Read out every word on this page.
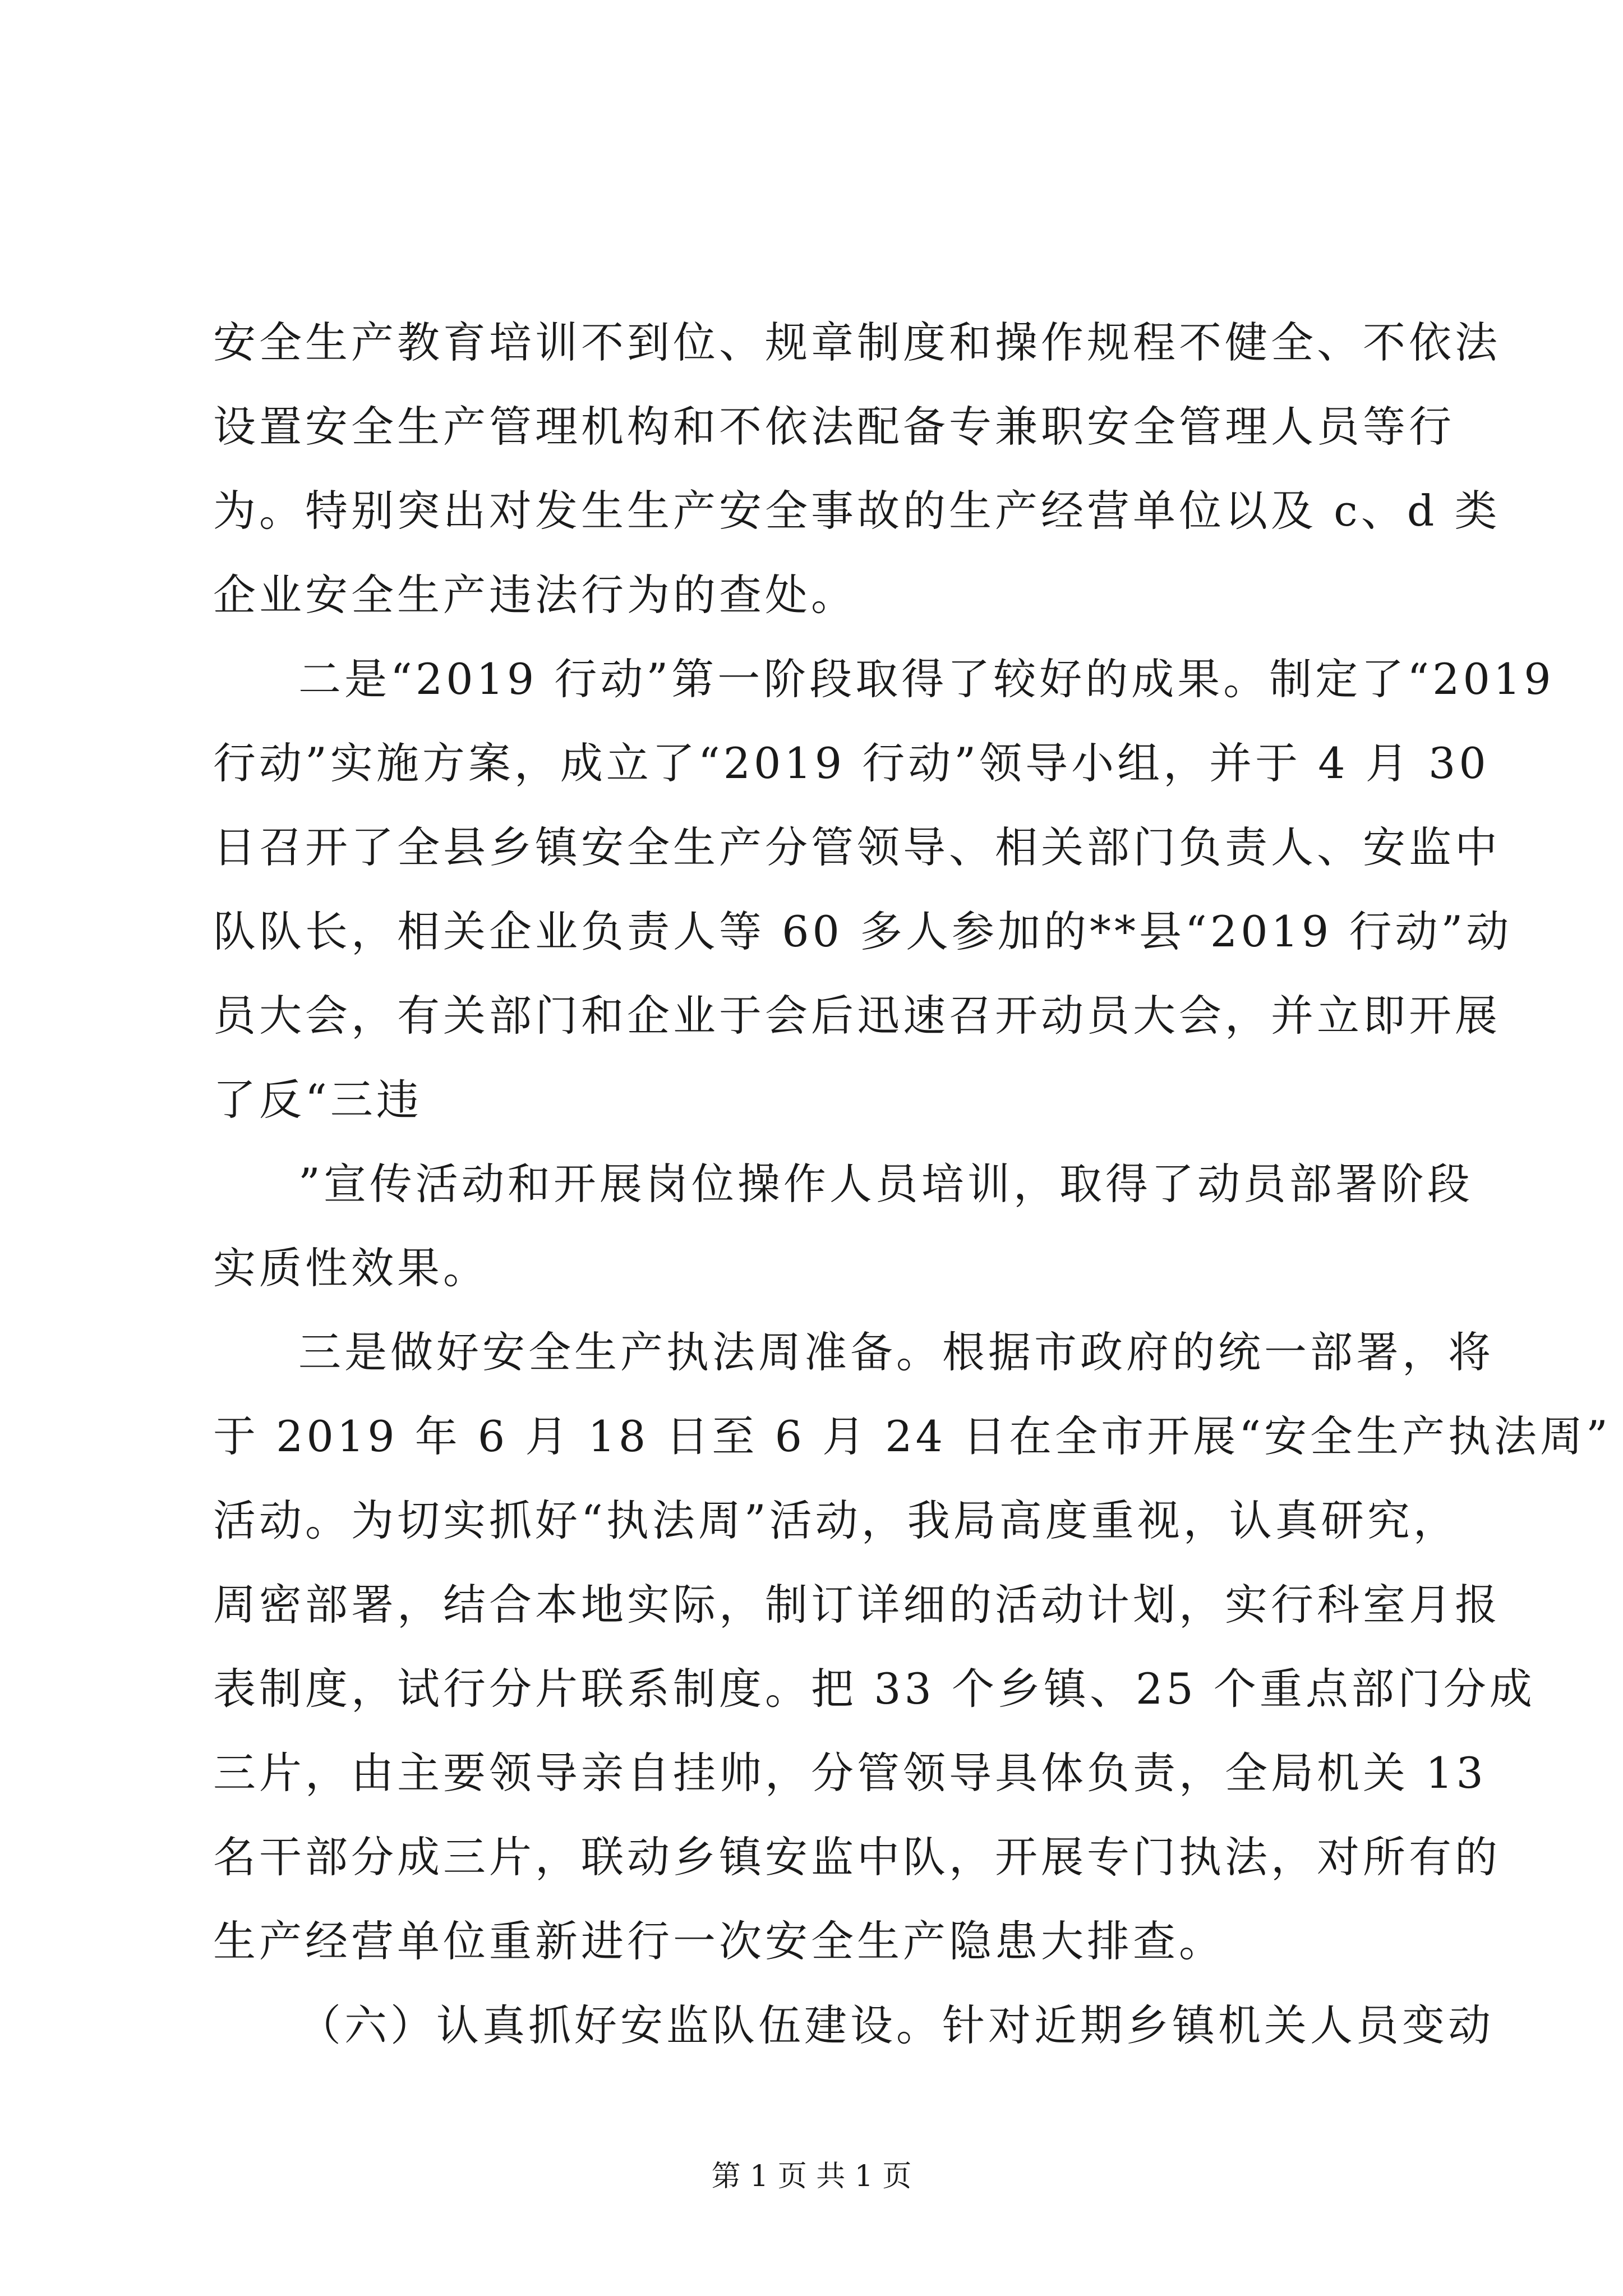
安全生产教育培训不到位、规章制度和操作规程不健全、不依法
设置安全生产管理机构和不依法配备专兼职安全管理人员等行
为。特别突出对发生生产安全事故的生产经营单位以及 c、d 类
企业安全生产违法行为的查处。
二是“2019 行动”第一阶段取得了较好的成果。制定了“2019
行动”实施方案，成立了“2019 行动”领导小组，并于 4 月 30
日召开了全县乡镇安全生产分管领导、相关部门负责人、安监中
队队长，相关企业负责人等 60 多人参加的**县“2019 行动”动
员大会，有关部门和企业于会后迅速召开动员大会，并立即开展
了反“三违
”宣传活动和开展岗位操作人员培训，取得了动员部署阶段
实质性效果。
三是做好安全生产执法周准备。根据市政府的统一部署，将
于 2019 年 6 月 18 日至 6 月 24 日在全市开展“安全生产执法周”
活动。为切实抓好“执法周”活动，我局高度重视，认真研究，
周密部署，结合本地实际，制订详细的活动计划，实行科室月报
表制度，试行分片联系制度。把 33 个乡镇、25 个重点部门分成
三片，由主要领导亲自挂帅，分管领导具体负责，全局机关 13
名干部分成三片，联动乡镇安监中队，开展专门执法，对所有的
生产经营单位重新进行一次安全生产隐患大排查。
（六）认真抓好安监队伍建设。针对近期乡镇机关人员变动
第 1 页 共 1 页
